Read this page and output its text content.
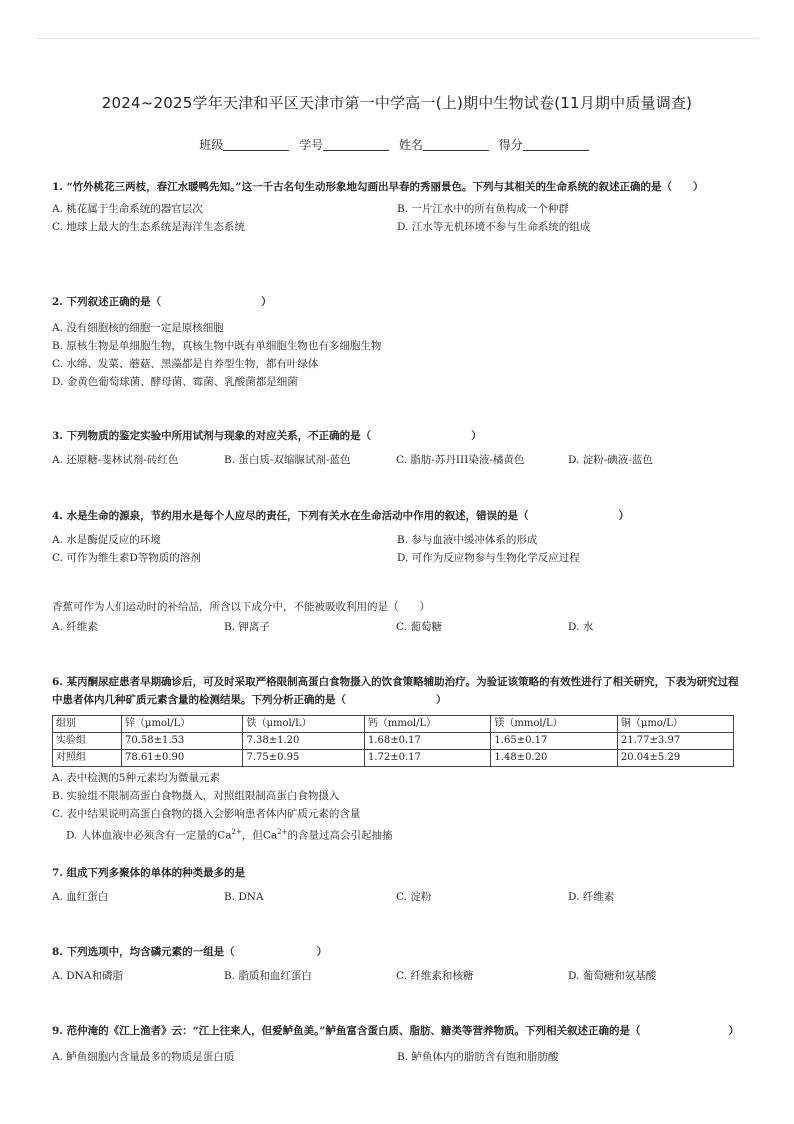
2024~2025学年天津和平区天津市第一中学高一(上)期中生物试卷(11月期中质量调查)
班级	学号	姓名	得分
1. “竹外桃花三两枝，春江水暖鸭先知。”这一千古名句生动形象地勾画出早春的秀丽景色。下列与其相关的生命系统的叙述正确的是（　　）
A. 桃花属于生命系统的器官层次	B. 一片江水中的所有鱼构成一个种群 C. 地球上最大的生态系统是海洋生态系统	D. 江水等无机环境不参与生命系统的组成
2. 下列叙述正确的是（	）
A. 没有细胞核的细胞一定是原核细胞
B. 原核生物是单细胞生物，真核生物中既有单细胞生物也有多细胞生物
C. 水绵、发菜、蘑菇、黑藻都是自养型生物，都有叶绿体
D. 金黄色葡萄球菌、酵母菌、霉菌、乳酸菌都是细菌
3. 下列物质的鉴定实验中所用试剂与现象的对应关系，不正确的是（	）
A. 还原糖-斐林试剂-砖红色	B. 蛋白质-双缩脲试剂-蓝色	C. 脂肪-苏丹III染液-橘黄色	D. 淀粉-碘液-蓝色
4. 水是生命的源泉，节约用水是每个人应尽的责任，下列有关水在生命活动中作用的叙述，错误的是（	）
A. 水是酶促反应的环境	B. 参与血液中缓冲体系的形成 C. 可作为维生素D等物质的溶剂	D. 可作为反应物参与生物化学反应过程
香蕉可作为人们运动时的补给品，所含以下成分中，不能被吸收利用的是（　　）
A. 纤维素	B. 钾离子	C. 葡萄糖	D. 水
6. 某丙酮尿症患者早期确诊后，可及时采取严格限制高蛋白食物摄入的饮食策略辅助治疗。为验证该策略的有效性进行了相关研究，下表为研究过程中患者体内几种矿质元素含量的检测结果。下列分析正确的是（	）
组别	锌（μmol/L）	铁（μmol/L）	钙（mmol/L）	镁（mmol/L）	铜（μmo/L）
实验组	70.58±1.53	7.38±1.20	1.68±0.17	1.65±0.17	21.77±3.97
对照组	78.61±0.90	7.75±0.95	1.72±0.17	1.48±0.20	20.04±5.29
A. 表中检测的5种元素均为微量元素B. 实验组不限制高蛋白食物摄入，对照组限制高蛋白食物摄入 C. 表中结果说明高蛋白食物的摄入会影响患者体内矿质元素的含量D. 人体血液中必须含有一定量的$Ca^{2+}$，但$Ca^{2+}$的含量过高会引起抽搐
7. 组成下列多聚体的单体的种类最多的是
A. 血红蛋白	B. DNA	C. 淀粉	D. 纤维素
8. 下列选项中，均含磷元素的一组是（	）
A. DNA和磷脂	B. 脂质和血红蛋白	C. 纤维素和核糖	D. 葡萄糖和氨基酸
9. 范仲淹的《江上渔者》云：“江上往来人，但爱鲈鱼美。”鲈鱼富含蛋白质、脂肪、糖类等营养物质。下列相关叙述正确的是（	）
A. 鲈鱼细胞内含量最多的物质是蛋白质	B. 鲈鱼体内的脂肪含有饱和脂肪酸
